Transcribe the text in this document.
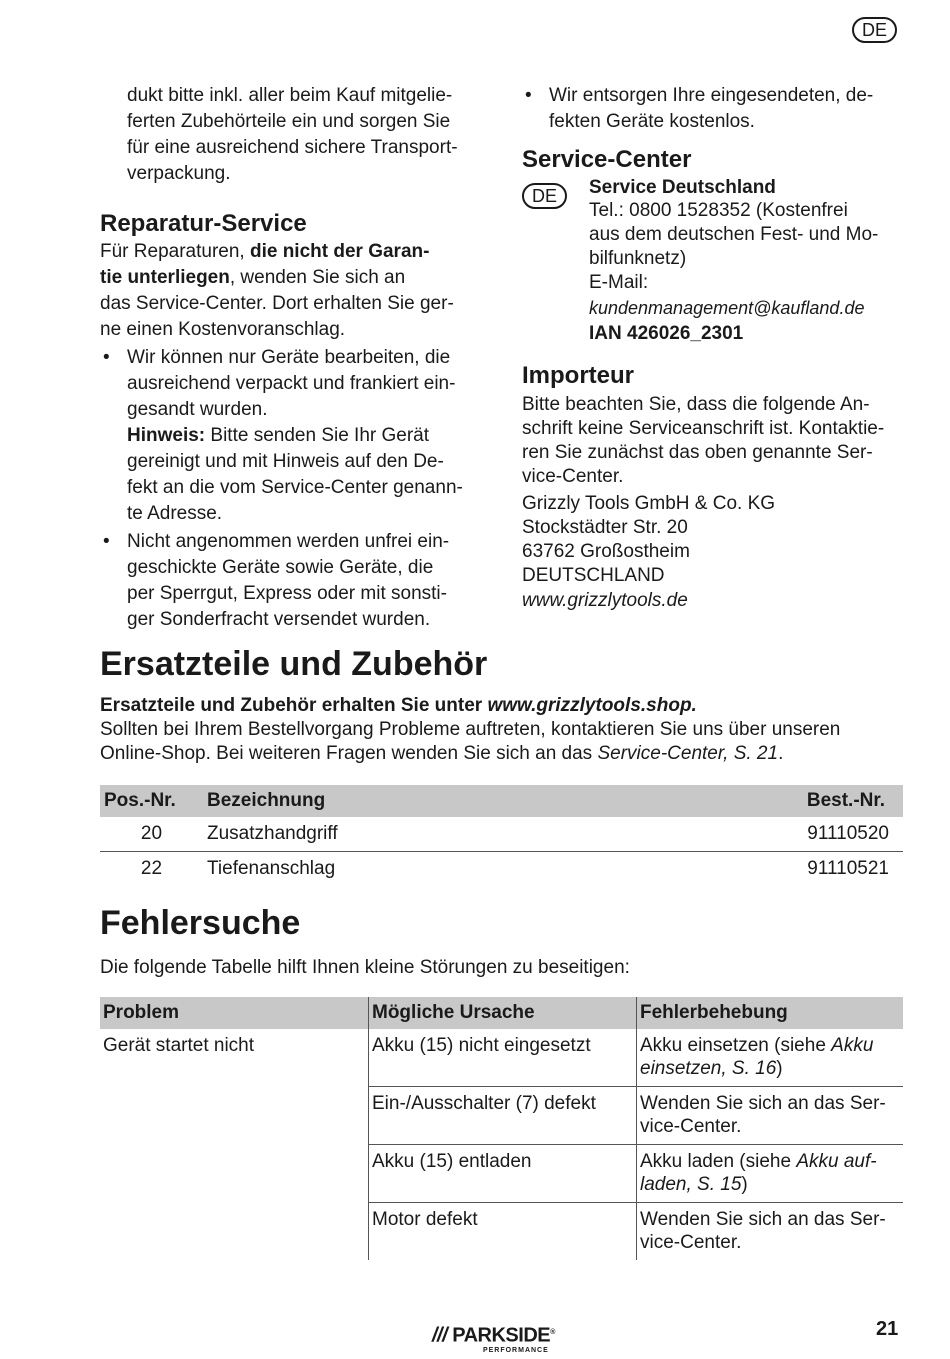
DE
dukt bitte inkl. aller beim Kauf mitgelie-
ferten Zubehörteile ein und sorgen Sie
für eine ausreichend sichere Transport-
verpackung.
Reparatur-Service
Für Reparaturen, die nicht der Garan-
tie unterliegen, wenden Sie sich an
das Service-Center. Dort erhalten Sie ger-
ne einen Kostenvoranschlag.
• Wir können nur Geräte bearbeiten, die
ausreichend verpackt und frankiert ein-
gesandt wurden.
Hinweis: Bitte senden Sie Ihr Gerät
gereinigt und mit Hinweis auf den De-
fekt an die vom Service-Center genann-
te Adresse.
• Nicht angenommen werden unfrei ein-
geschickte Geräte sowie Geräte, die
per Sperrgut, Express oder mit sonsti-
ger Sonderfracht versendet wurden.
• Wir entsorgen Ihre eingesendeten, de-
fekten Geräte kostenlos.
Service-Center
DE	Service Deutschland
Tel.: 0800 1528352 (Kostenfrei
aus dem deutschen Fest- und Mo-
bilfunknetz)
E-Mail:
kundenmanagement@kaufland.de
IAN 426026_2301
Importeur
Bitte beachten Sie, dass die folgende An-
schrift keine Serviceanschrift ist. Kontaktie-
ren Sie zunächst das oben genannte Ser-
vice-Center.
Grizzly Tools GmbH & Co. KG
Stockstädter Str. 20
63762 Großostheim
DEUTSCHLAND
www.grizzlytools.de
Ersatzteile und Zubehör
Ersatzteile und Zubehör erhalten Sie unter www.grizzlytools.shop.
Sollten bei Ihrem Bestellvorgang Probleme auftreten, kontaktieren Sie uns über unseren
Online-Shop. Bei weiteren Fragen wenden Sie sich an das Service-Center, S. 21.
Pos.-Nr.	Bezeichnung	Best.-Nr.
20	Zusatzhandgriff	91110520
22	Tiefenanschlag	91110521
Fehlersuche
Die folgende Tabelle hilft Ihnen kleine Störungen zu beseitigen:
Problem	Mögliche Ursache	Fehlerbehebung
Gerät startet nicht	Akku (15) nicht eingesetzt	Akku einsetzen (siehe Akku
einsetzen, S. 16)
	Ein-/Ausschalter (7) defekt	Wenden Sie sich an das Ser-
vice-Center.
	Akku (15) entladen	Akku laden (siehe Akku auf-
laden, S. 15)
	Motor defekt	Wenden Sie sich an das Ser-
vice-Center.
/// PARKSIDE®
PERFORMANCE
21
